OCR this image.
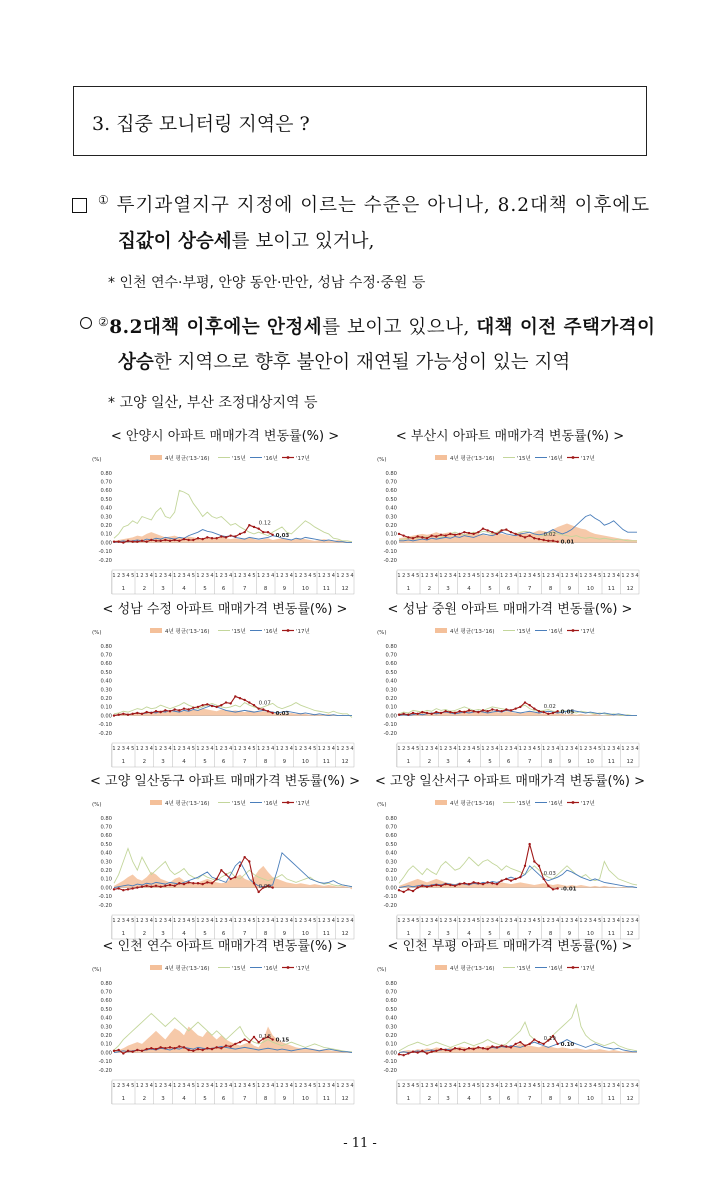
3. 집중 모니터링 지역은 ?
① 투기과열지구 지정에 이르는 수준은 아니나, 8.2대책 이후에도
집값이 상승세를 보이고 있거나,
* 인천 연수·부평, 안양 동안·만안, 성남 수정·중원 등
②8.2대책 이후에는 안정세를 보이고 있으나, 대책 이전 주택가격이
상승한 지역으로 향후 불안이 재연될 가능성이 있는 지역
* 고양 일산, 부산 조정대상지역 등
< 안양시 아파트 매매가격 변동률(%) >
(%)	4년 평균('13-'16)	'15년	'16년	'17년
0.80
0.70
0.60
0.50
0.40
0.30
0.20
0.10
0.00
-0.10
-0.20
1 2 3 4 5 1 2 3 4 1 2 3 4 1 2 3 4 5 1 2 3 4 1 2 3 4 1 2 3 4 5 1 2 3 4 1 2 3 4 1 2 3 4 5 1 2 3 4 1 2 3 4
1	2	3	4	5	6	7	8	9	10	11 12
0.12
0.03
< 부산시 아파트 매매가격 변동률(%) >
(%)	4년 평균('13-'16)	'15년	'16년	'17년
0.80
0.70
0.60
0.50
0.40
0.30
0.20
0.10
0.00
-0.10
-0.20
1 2 3 4 5 1 2 3 4 1 2 3 4 1 2 3 4 5 1 2 3 4 1 2 3 4 1 2 3 4 5 1 2 3 4 1 2 3 4 1 2 3 4 5 1 2 3 4 1 2 3 4
1	2	3	4	5	6	7	8	9	10	11 12
0.02
0.01
< 성남 수정 아파트 매매가격 변동률(%) >
(%)	4년 평균('13-'16)	'15년	'16년	'17년
0.80
0.70
0.60
0.50
0.40
0.30
0.20
0.10
0.00
-0.10
-0.20
1 2 3 4 5 1 2 3 4 1 2 3 4 1 2 3 4 5 1 2 3 4 1 2 3 4 1 2 3 4 5 1 2 3 4 1 2 3 4 1 2 3 4 5 1 2 3 4 1 2 3 4
1	2	3	4	5	6	7	8	9	10	11 12
0.07
0.03
< 성남 중원 아파트 매매가격 변동률(%) >
(%)	4년 평균('13-'16)	'15년	'16년	'17년
0.80
0.70
0.60
0.50
0.40
0.30
0.20
0.10
0.00
-0.10
-0.20
1 2 3 4 5 1 2 3 4 1 2 3 4 1 2 3 4 5 1 2 3 4 1 2 3 4 1 2 3 4 5 1 2 3 4 1 2 3 4 1 2 3 4 5 1 2 3 4 1 2 3 4
1	2	3	4	5	6	7	8	9	10	11 12
0.02
0.05
< 고양 일산동구 아파트 매매가격 변동률(%) >
(%)	4년 평균('13-'16)	'15년	'16년	'17년
0.80
0.70
0.60
0.50
0.40
0.30
0.20
0.10
0.00
-0.10
-0.20
1 2 3 4 5 1 2 3 4 1 2 3 4 1 2 3 4 5 1 2 3 4 1 2 3 4 1 2 3 4 5 1 2 3 4 1 2 3 4 1 2 3 4 5 1 2 3 4 1 2 3 4
1	2	3	4	5	6	7	8	9	10	11 12
0.00
< 고양 일산서구 아파트 매매가격 변동률(%) >
(%)	4년 평균('13-'16)	'15년	'16년	'17년
0.80
0.70
0.60
0.50
0.40
0.30
0.20
0.10
0.00
-0.10
-0.20
1 2 3 4 5 1 2 3 4 1 2 3 4 1 2 3 4 5 1 2 3 4 1 2 3 4 1 2 3 4 5 1 2 3 4 1 2 3 4 1 2 3 4 5 1 2 3 4 1 2 3 4
1	2	3	4	5	6	7	8	9	10	11 12
0.03
-0.01
< 인천 연수 아파트 매매가격 변동률(%) >
(%)	4년 평균('13-'16)	'15년	'16년	'17년
0.80
0.70
0.60
0.50
0.40
0.30
0.20
0.10
0.00
-0.10
-0.20
1 2 3 4 5 1 2 3 4 1 2 3 4 1 2 3 4 5 1 2 3 4 1 2 3 4 1 2 3 4 5 1 2 3 4 1 2 3 4 1 2 3 4 5 1 2 3 4 1 2 3 4
1	2	3	4	5	6	7	8	9	10	11 12
0.18
0.15
< 인천 부평 아파트 매매가격 변동률(%) >
(%)	4년 평균('13-'16)	'15년	'16년	'17년
0.80
0.70
0.60
0.50
0.40
0.30
0.20
0.10
0.00
-0.10
-0.20
1 2 3 4 5 1 2 3 4 1 2 3 4 1 2 3 4 5 1 2 3 4 1 2 3 4 1 2 3 4 5 1 2 3 4 1 2 3 4 1 2 3 4 5 1 2 3 4 1 2 3 4
1	2	3	4	5	6	7	8	9	10	11 12
0.19
0.10
- 11 -
